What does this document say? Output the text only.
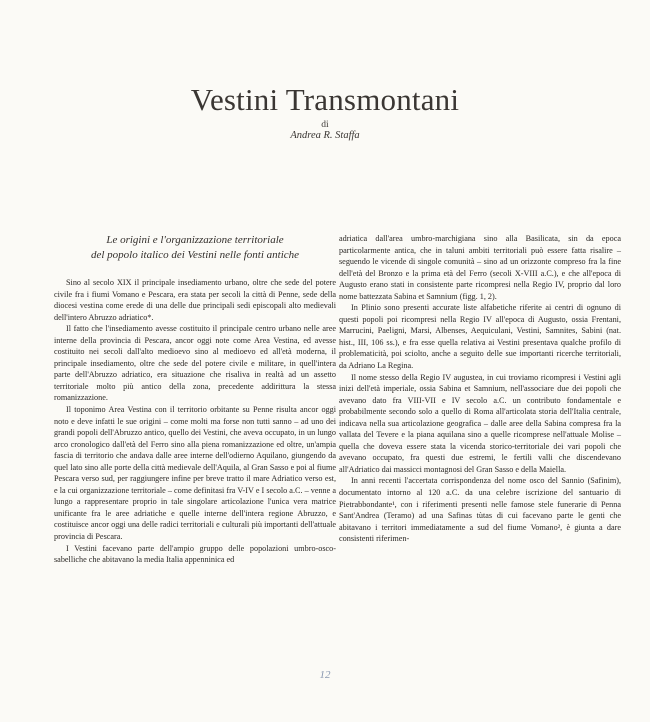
Vestini Transmontani
di
Andrea R. Staffa
Le origini e l'organizzazione territoriale
del popolo italico dei Vestini nelle fonti antiche

Sino al secolo XIX il principale insediamento urbano, oltre che sede del potere civile fra i fiumi Vomano e Pescara, era stata per secoli la città di Penne, sede della diocesi vestina come erede di una delle due principali sedi episcopali alto medievali dell'intero Abruzzo adriatico*.

Il fatto che l'insediamento avesse costituito il principale centro urbano nelle aree interne della provincia di Pescara, ancor oggi note come Area Vestina, ed avesse costituito nei secoli dall'alto medioevo sino al medioevo ed all'età moderna, il principale insediamento, oltre che sede del potere civile e militare, in quell'intera parte dell'Abruzzo adriatico, era situazione che risaliva in realtà ad un assetto territoriale molto più antico della zona, precedente addirittura la stessa romanizzazione.

Il toponimo Area Vestina con il territorio orbitante su Penne risulta ancor oggi noto e deve infatti le sue origini – come molti ma forse non tutti sanno – ad uno dei grandi popoli dell'Abruzzo antico, quello dei Vestini, che aveva occupato, in un lungo arco cronologico dall'età del Ferro sino alla piena romanizzazione ed oltre, un'ampia fascia di territorio che andava dalle aree interne dell'odierno Aquilano, giungendo da quel lato sino alle porte della città medievale dell'Aquila, al Gran Sasso e poi al fiume Pescara verso sud, per raggiungere infine per breve tratto il mare Adriatico verso est, e la cui organizzazione territoriale – come definitasi fra V-IV e I secolo a.C. – venne a lungo a rappresentare proprio in tale singolare articolazione l'unica vera matrice unificante fra le aree adriatiche e quelle interne dell'intera regione Abruzzo, e costituisce ancor oggi una delle radici territoriali e culturali più importanti dell'attuale provincia di Pescara.

I Vestini facevano parte dell'ampio gruppo delle popolazioni umbro-osco-sabelliche che abitavano la media Italia appenninica ed

adriatica dall'area umbro-marchigiana sino alla Basilicata, sin da epoca particolarmente antica, che in taluni ambiti territoriali può essere fatta risalire – seguendo le vicende di singole comunità – sino ad un orizzonte compreso fra la fine dell'età del Bronzo e la prima età del Ferro (secoli X-VIII a.C.), e che all'epoca di Augusto erano stati in consistente parte ricompresi nella Regio IV, proprio dal loro nome battezzata Sabina et Samnium (figg. 1, 2).

In Plinio sono presenti accurate liste alfabetiche riferite ai centri di ognuno di questi popoli poi ricompresi nella Regio IV all'epoca di Augusto, ossia Frentani, Marrucini, Paeligni, Marsi, Albenses, Aequiculani, Vestini, Samnites, Sabini (nat. hist., III, 106 ss.), e fra esse quella relativa ai Vestini presentava qualche profilo di problematicità, poi sciolto, anche a seguito delle sue importanti ricerche territoriali, da Adriano La Regina.

Il nome stesso della Regio IV augustea, in cui troviamo ricompresi i Vestini agli inizi dell'età imperiale, ossia Sabina et Samnium, nell'associare due dei popoli che avevano dato fra VIII-VII e IV secolo a.C. un contributo fondamentale e probabilmente secondo solo a quello di Roma all'articolata storia dell'Italia centrale, indicava nella sua articolazione geografica – dalle aree della Sabina compresa fra la vallata del Tevere e la piana aquilana sino a quelle ricomprese nell'attuale Molise – quella che doveva essere stata la vicenda storico-territoriale dei vari popoli che avevano occupato, fra questi due estremi, le fertili valli che discendevano all'Adriatico dai massicci montagnosi del Gran Sasso e della Maiella.

In anni recenti l'accertata corrispondenza del nome osco del Sannio (Safinim), documentato intorno al 120 a.C. da una celebre iscrizione del santuario di Pietrabbondante¹, con i riferimenti presenti nelle famose stele funerarie di Penna Sant'Andrea (Teramo) ad una Safinas tùtas di cui facevano parte le genti che abitavano i territori immediatamente a sud del fiume Vomano², è giunta a dare consistenti riferimen-

12
